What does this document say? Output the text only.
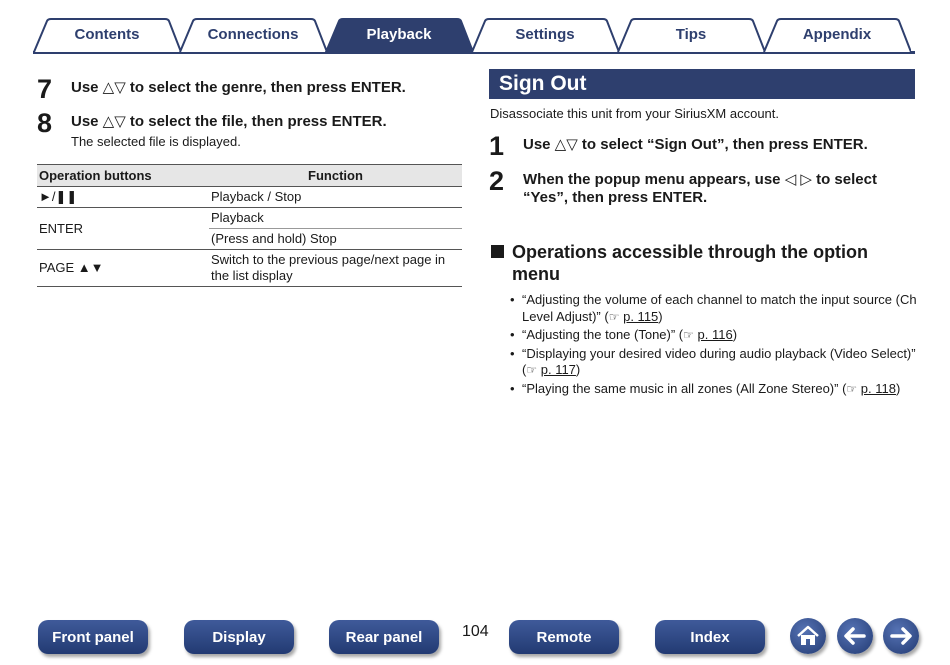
Contents	Connections	Playback	Settings	Tips	Appendix
7	Use △▽ to select the genre, then press ENTER.
8	Use △▽ to select the file, then press ENTER.
The selected file is displayed.
Operation buttons	Function
►/❚❚	Playback / Stop
ENTER	Playback
	(Press and hold) Stop
PAGE ▲▼	Switch to the previous page/next page in the list display
Sign Out
Disassociate this unit from your SiriusXM account.
1	Use △▽ to select “Sign Out”, then press ENTER.
2	When the popup menu appears, use ◁ ▷ to select “Yes”, then press ENTER.
Operations accessible through the option menu
• “Adjusting the volume of each channel to match the input source (Ch Level Adjust)” (☞ p. 115)
• “Adjusting the tone (Tone)” (☞ p. 116)
• “Displaying your desired video during audio playback (Video Select)” (☞ p. 117)
• “Playing the same music in all zones (All Zone Stereo)” (☞ p. 118)
Front panel	Display	Rear panel	104	Remote	Index
